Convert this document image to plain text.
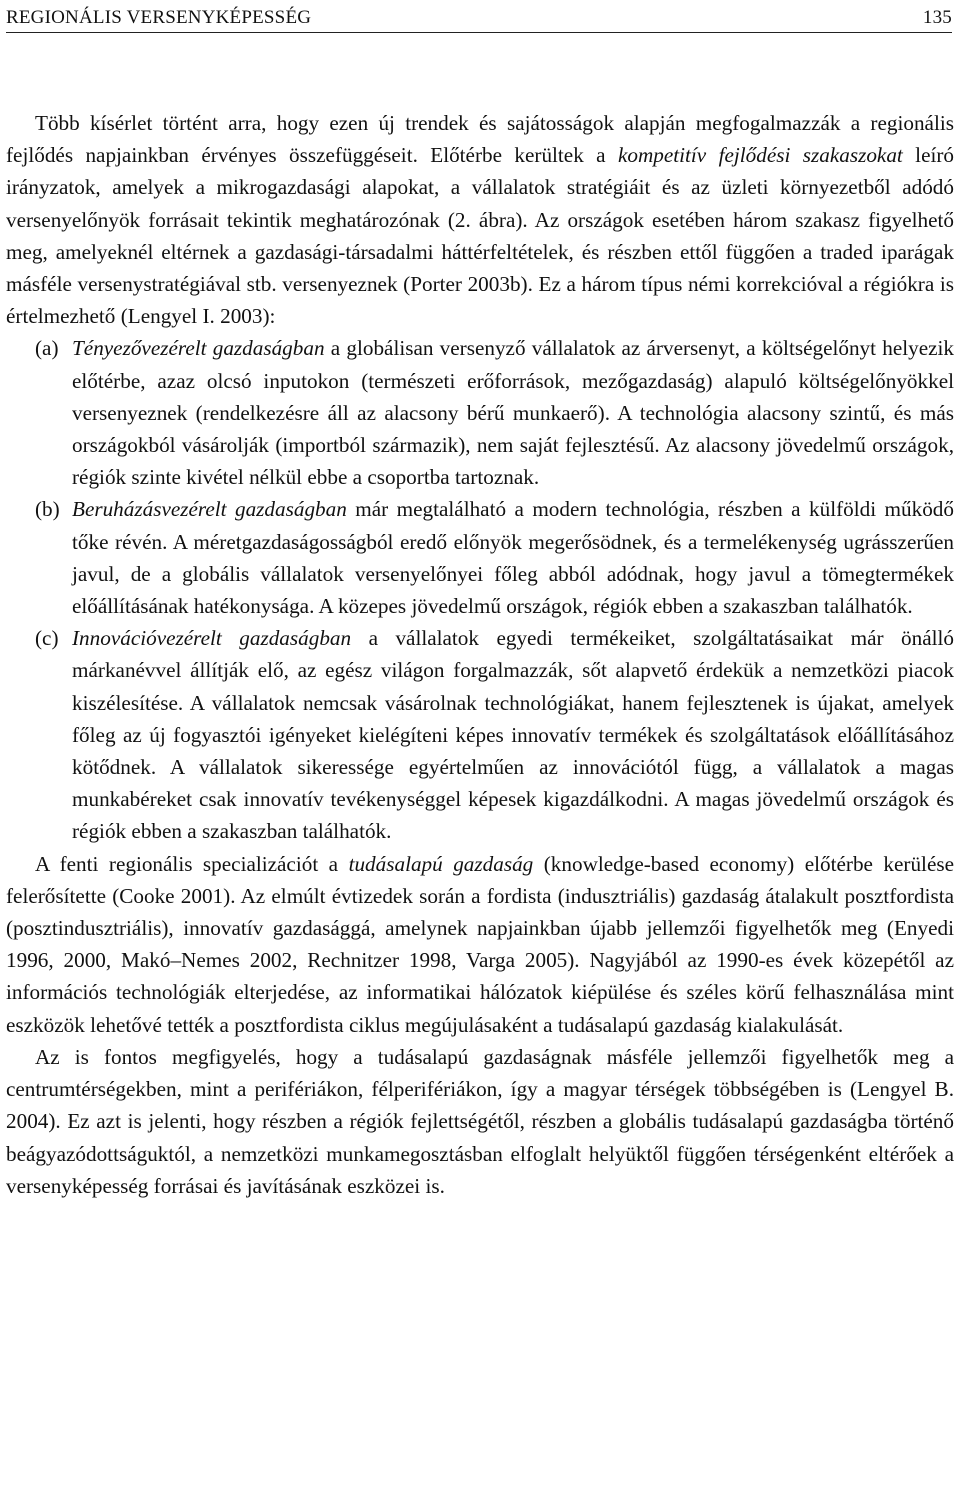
REGIONÁLIS VERSENYKÉPESSÉG	135

Több kísérlet történt arra, hogy ezen új trendek és sajátosságok alapján megfogalmazzák a regionális fejlődés napjainkban érvényes összefüggéseit. Előtérbe kerültek a kompetitív fejlődési szakaszokat leíró irányzatok, amelyek a mikrogazdasági alapokat, a vállalatok stratégiáit és az üzleti környezetből adódó versenyelőnyök forrásait tekintik meghatározónak (2. ábra). Az országok esetében három szakasz figyelhető meg, amelyeknél eltérnek a gazdasági-társadalmi háttérfeltételek, és részben ettől függően a traded iparágak másféle versenystratégiával stb. versenyeznek (Porter 2003b). Ez a három típus némi korrekcióval a régiókra is értelmezhető (Lengyel I. 2003):

(a) Tényezővezérelt gazdaságban a globálisan versenyző vállalatok az árversenyt, a költségelőnyt helyezik előtérbe, azaz olcsó inputokon (természeti erőforrások, mezőgazdaság) alapuló költségelőnyökkel versenyeznek (rendelkezésre áll az alacsony bérű munkaerő). A technológia alacsony szintű, és más országokból vásárolják (importból származik), nem saját fejlesztésű. Az alacsony jövedelmű országok, régiók szinte kivétel nélkül ebbe a csoportba tartoznak.
(b) Beruházásvezérelt gazdaságban már megtalálható a modern technológia, részben a külföldi működő tőke révén. A méretgazdaságosságból eredő előnyök megerősödnek, és a termelékenység ugrásszerűen javul, de a globális vállalatok versenyelőnyei főleg abból adódnak, hogy javul a tömegtermékek előállításának hatékonysága. A közepes jövedelmű országok, régiók ebben a szakaszban találhatók.
(c) Innovációvezérelt gazdaságban a vállalatok egyedi termékeiket, szolgáltatásaikat már önálló márkanévvel állítják elő, az egész világon forgalmazzák, sőt alapvető érdekük a nemzetközi piacok kiszélesítése. A vállalatok nemcsak vásárolnak technológiákat, hanem fejlesztenek is újakat, amelyek főleg az új fogyasztói igényeket kielégíteni képes innovatív termékek és szolgáltatások előállításához kötődnek. A vállalatok sikeressége egyértelműen az innovációtól függ, a vállalatok a magas munkabéreket csak innovatív tevékenységgel képesek kigazdálkodni. A magas jövedelmű országok és régiók ebben a szakaszban találhatók.

A fenti regionális specializációt a tudásalapú gazdaság (knowledge-based economy) előtérbe kerülése felerősítette (Cooke 2001). Az elmúlt évtizedek során a fordista (indusztriális) gazdaság átalakult posztfordista (posztindusztriális), innovatív gazdasággá, amelynek napjainkban újabb jellemzői figyelhetők meg (Enyedi 1996, 2000, Makó–Nemes 2002, Rechnitzer 1998, Varga 2005). Nagyjából az 1990-es évek közepétől az információs technológiák elterjedése, az informatikai hálózatok kiépülése és széles körű felhasználása mint eszközök lehetővé tették a posztfordista ciklus megújulásaként a tudásalapú gazdaság kialakulását.

Az is fontos megfigyelés, hogy a tudásalapú gazdaságnak másféle jellemzői figyelhetők meg a centrumtérségekben, mint a perifériákon, félperifériákon, így a magyar térségek többségében is (Lengyel B. 2004). Ez azt is jelenti, hogy részben a régiók fejlettségétől, részben a globális tudásalapú gazdaságba történő beágyazódottságuktól, a nemzetközi munkamegosztásban elfoglalt helyüktől függően térségenként eltérőek a versenyképesség forrásai és javításának eszközei is.
